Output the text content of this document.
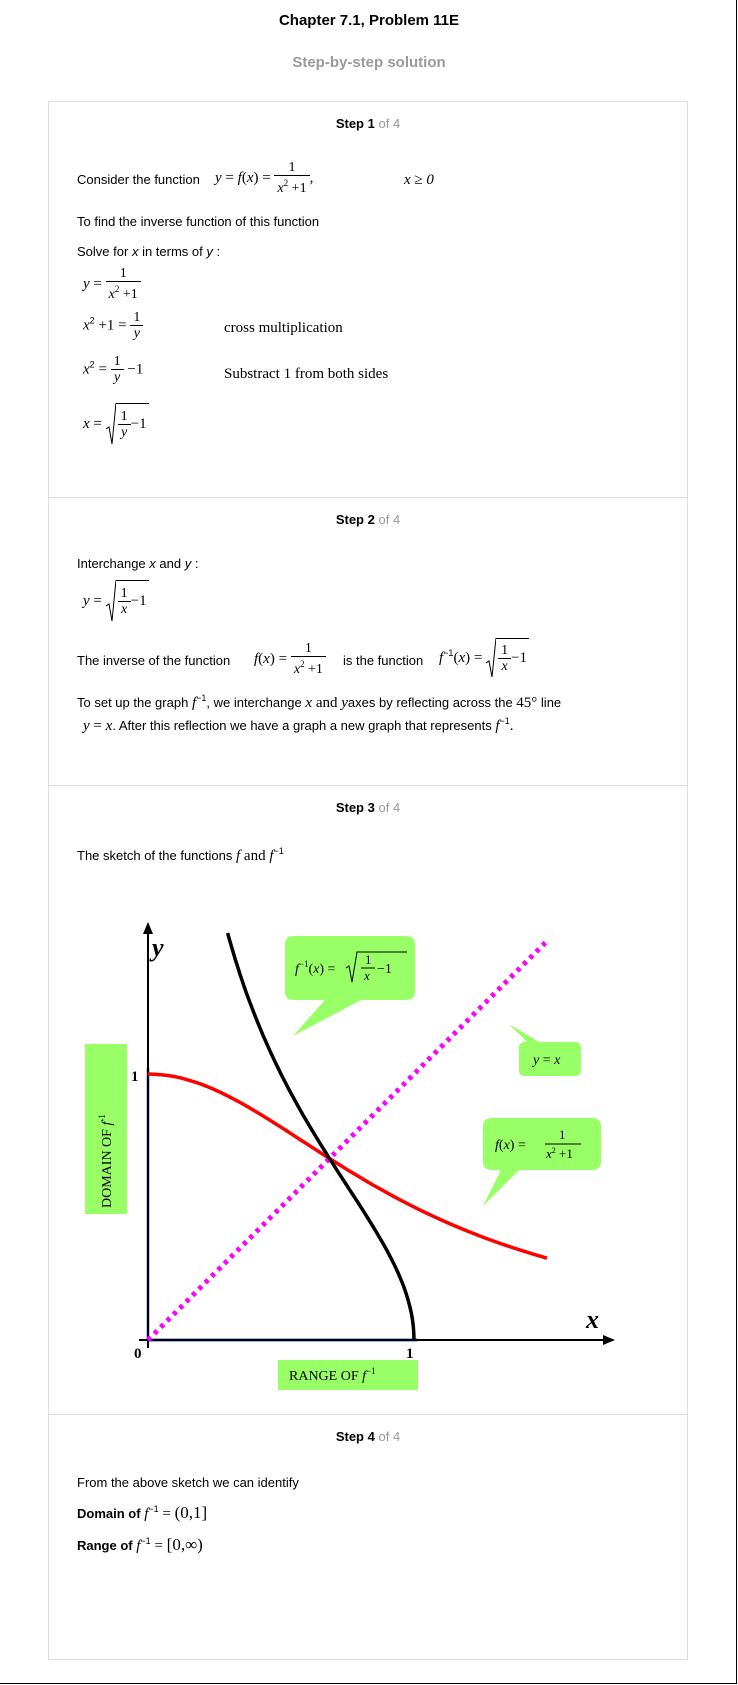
Chapter 7.1, Problem 11E
Step-by-step solution
Step 1 of 4
Consider the function $y = f(x) = \frac{1}{x^2 +1}$ ,	x ≥ 0
To find the inverse function of this function
Solve for x in terms of y :
$y = \frac{1}{x^2 +1}$
$x^2 +1 = \frac{1}{y}$	cross multiplication
$x^2 = \frac{1}{y} -1$	Substract 1 from both sides
$x = \frac{1}{y} -1$
Step 2 of 4
Interchange x and y :
$y = \frac{1}{x} -1$
The inverse of the function $f(x) = \frac{1}{x^2 +1}$ is the function $f^{-1}(x) = \frac{1}{x} -1$
To set up the graph $f^{-1}$, we interchange x and yaxes by reflecting across the 45° line
y = x. After this reflection we have a graph a new graph that represents $f^{-1}$.
Step 3 of 4
The sketch of the functions f and $f^{-1}$
DOMAIN OF $f^{-1}$
RANGE OF $f^{-1}$
x
y
0	1
1
$f^{-1}(x)$ =
1
x −1
y = x
f(x) =
1
$x^2 +1$
Step 4 of 4
From the above sketch we can identify
Domain of $f^{-1} = (0,1]$
Range of $f^{-1} = [0,\infty)$
